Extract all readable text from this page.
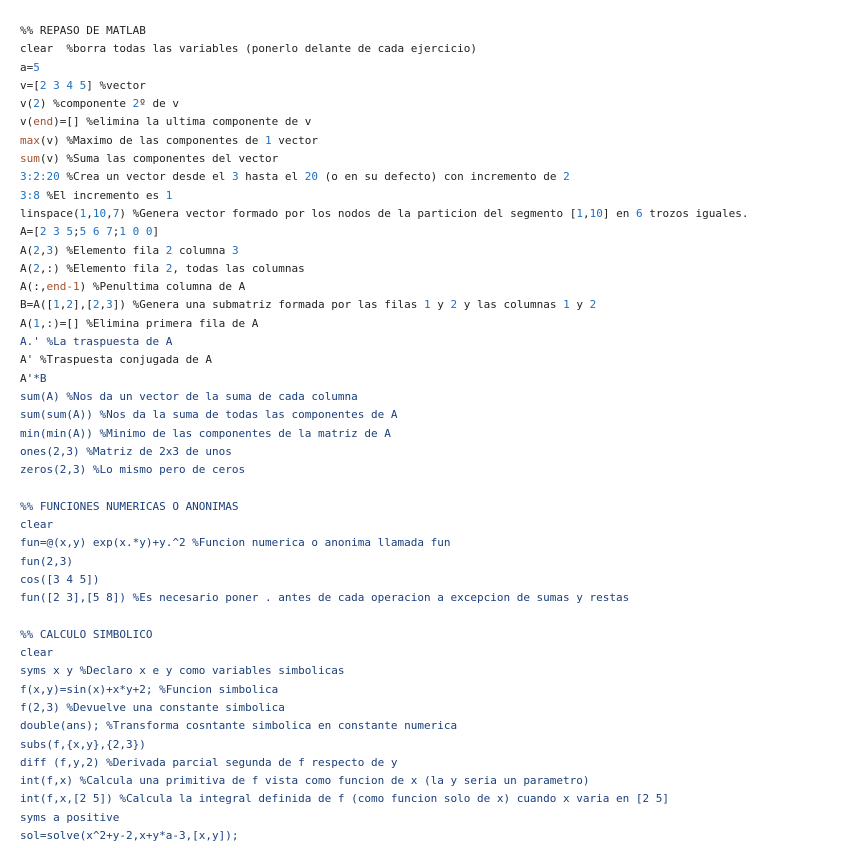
%% REPASO DE MATLAB
clear  %borra todas las variables (ponerlo delante de cada ejercicio)
a=5
v=[2 3 4 5] %vector
v(2) %componente 2º de v
v(end)=[] %elimina la ultima componente de v
max(v) %Maximo de las componentes de 1 vector
sum(v) %Suma las componentes del vector
3:2:20 %Crea un vector desde el 3 hasta el 20 (o en su defecto) con incremento de 2
3:8 %El incremento es 1
linspace(1,10,7) %Genera vector formado por los nodos de la particion del segmento [1,10] en 6 trozos iguales.
A=[2 3 5;5 6 7;1 0 0]
A(2,3) %Elemento fila 2 columna 3
A(2,:) %Elemento fila 2, todas las columnas
A(:,end-1) %Penultima columna de A
B=A([1,2],[2,3]) %Genera una submatriz formada por las filas 1 y 2 y las columnas 1 y 2
A(1,:)=[] %Elimina primera fila de A
A.' %La traspuesta de A
A' %Traspuesta conjugada de A
A'*B
sum(A) %Nos da un vector de la suma de cada columna
sum(sum(A)) %Nos da la suma de todas las componentes de A
min(min(A)) %Minimo de las componentes de la matriz de A
ones(2,3) %Matriz de 2x3 de unos
zeros(2,3) %Lo mismo pero de ceros

%% FUNCIONES NUMERICAS O ANONIMAS
clear
fun=@(x,y) exp(x.*y)+y.^2 %Funcion numerica o anonima llamada fun
fun(2,3)
cos([3 4 5])
fun([2 3],[5 8]) %Es necesario poner . antes de cada operacion a excepcion de sumas y restas

%% CALCULO SIMBOLICO
clear
syms x y %Declaro x e y como variables simbolicas
f(x,y)=sin(x)+x*y+2; %Funcion simbolica
f(2,3) %Devuelve una constante simbolica
double(ans); %Transforma cosntante simbolica en constante numerica
subs(f,{x,y},{2,3})
diff (f,y,2) %Derivada parcial segunda de f respecto de y
int(f,x) %Calcula una primitiva de f vista como funcion de x (la y seria un parametro)
int(f,x,[2 5]) %Calcula la integral definida de f (como funcion solo de x) cuando x varia en [2 5]
syms a positive
sol=solve(x^2+y-2,x+y*a-3,[x,y]);
